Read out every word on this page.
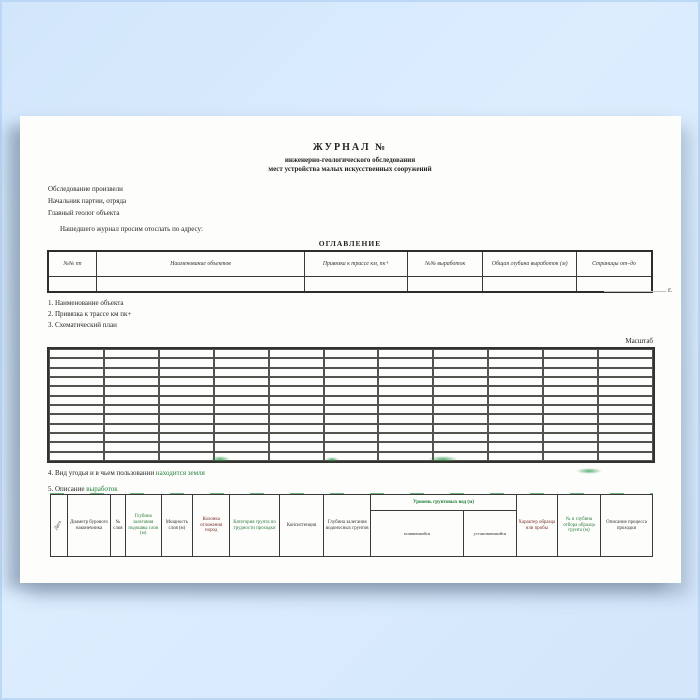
ЖУРНАЛ №
инженерно-геологического обследования
мест устройства малых искусственных сооружений
Обследование произвели
Начальник партии, отряда
Главный геолог объекта
Нашедшего журнал просим отослать по адресу:
ОГЛАВЛЕНИЕ
№№ пп	Наименование объектов	Привязка к трассе км, пк+	№№ выработок	Общая глубина выработок (м)	Страницы от–до

г.
1. Наименование объекта
2. Привязка к трассе км пк+
3. Схематический план
Масштаб
4. Вид угодья и в чьем пользовании находится земля
5. Описание выработок
Дата	Диаметр бурового наконечника	№ слоя	Глубина залегания подошвы слоя (м)	Мощность слоя (м)	Колонка отложения пород	Категория грунта по трудности проходки	Консистенция	Глубина залегания водоносных грунтов	Уровень грунтовых вод (м)		Характер образца или пробы	№ и глубина отбора образца грунта (м)	Описание процесса проходки
									появившийся	установившийся			
